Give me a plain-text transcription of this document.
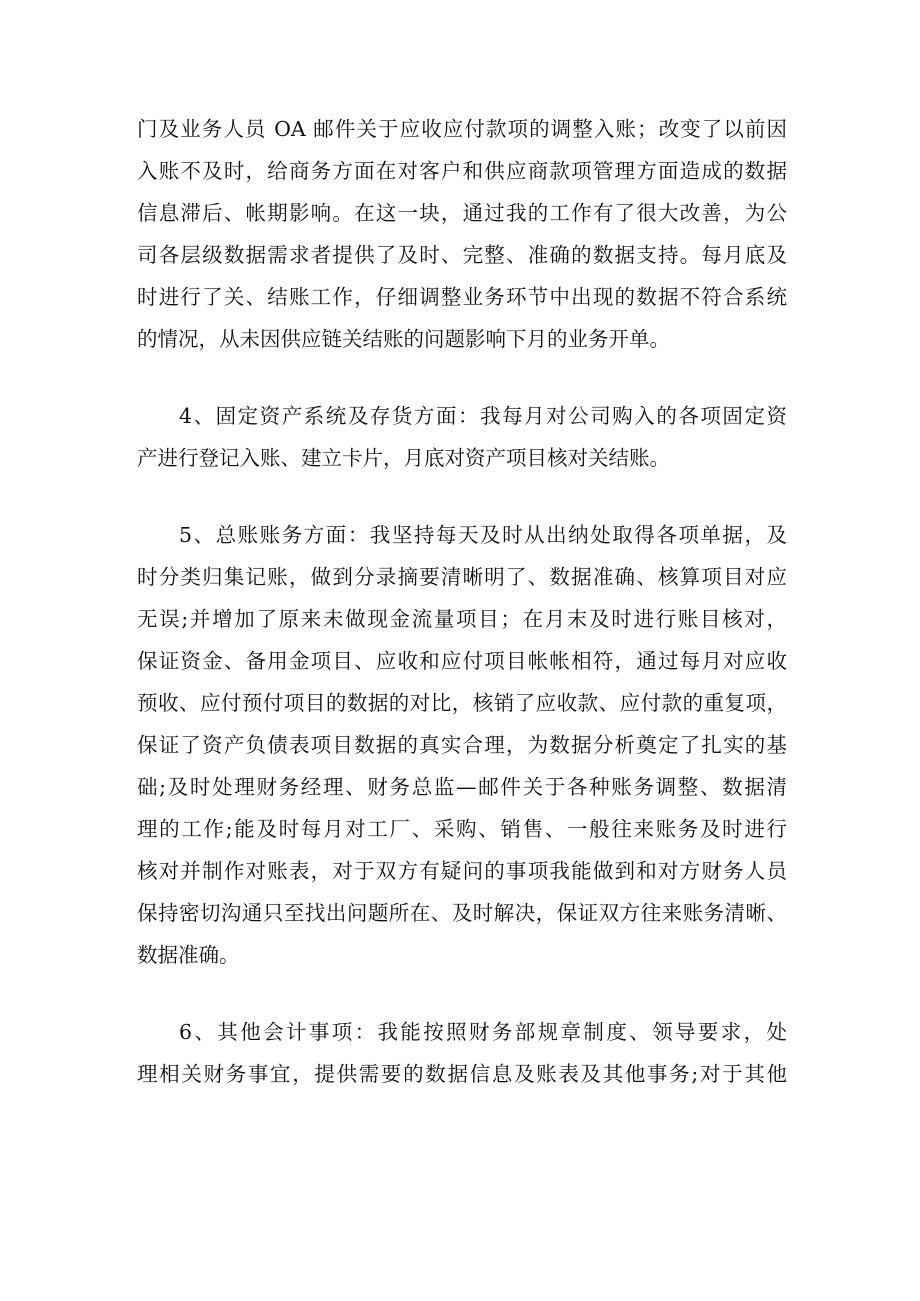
门及业务人员 OA 邮件关于应收应付款项的调整入账；改变了以前因
入账不及时，给商务方面在对客户和供应商款项管理方面造成的数据
信息滞后、帐期影响。在这一块，通过我的工作有了很大改善，为公
司各层级数据需求者提供了及时、完整、准确的数据支持。每月底及
时进行了关、结账工作，仔细调整业务环节中出现的数据不符合系统
的情况，从未因供应链关结账的问题影响下月的业务开单。

4、固定资产系统及存货方面：我每月对公司购入的各项固定资
产进行登记入账、建立卡片，月底对资产项目核对关结账。

5、总账账务方面：我坚持每天及时从出纳处取得各项单据，及
时分类归集记账，做到分录摘要清晰明了、数据准确、核算项目对应
无误;并增加了原来未做现金流量项目；在月末及时进行账目核对，
保证资金、备用金项目、应收和应付项目帐帐相符，通过每月对应收
预收、应付预付项目的数据的对比，核销了应收款、应付款的重复项，
保证了资产负债表项目数据的真实合理，为数据分析奠定了扎实的基
础;及时处理财务经理、财务总监—邮件关于各种账务调整、数据清
理的工作;能及时每月对工厂、采购、销售、一般往来账务及时进行
核对并制作对账表，对于双方有疑问的事项我能做到和对方财务人员
保持密切沟通只至找出问题所在、及时解决，保证双方往来账务清晰、
数据准确。

6、其他会计事项：我能按照财务部规章制度、领导要求，处
理相关财务事宜，提供需要的数据信息及账表及其他事务;对于其他
